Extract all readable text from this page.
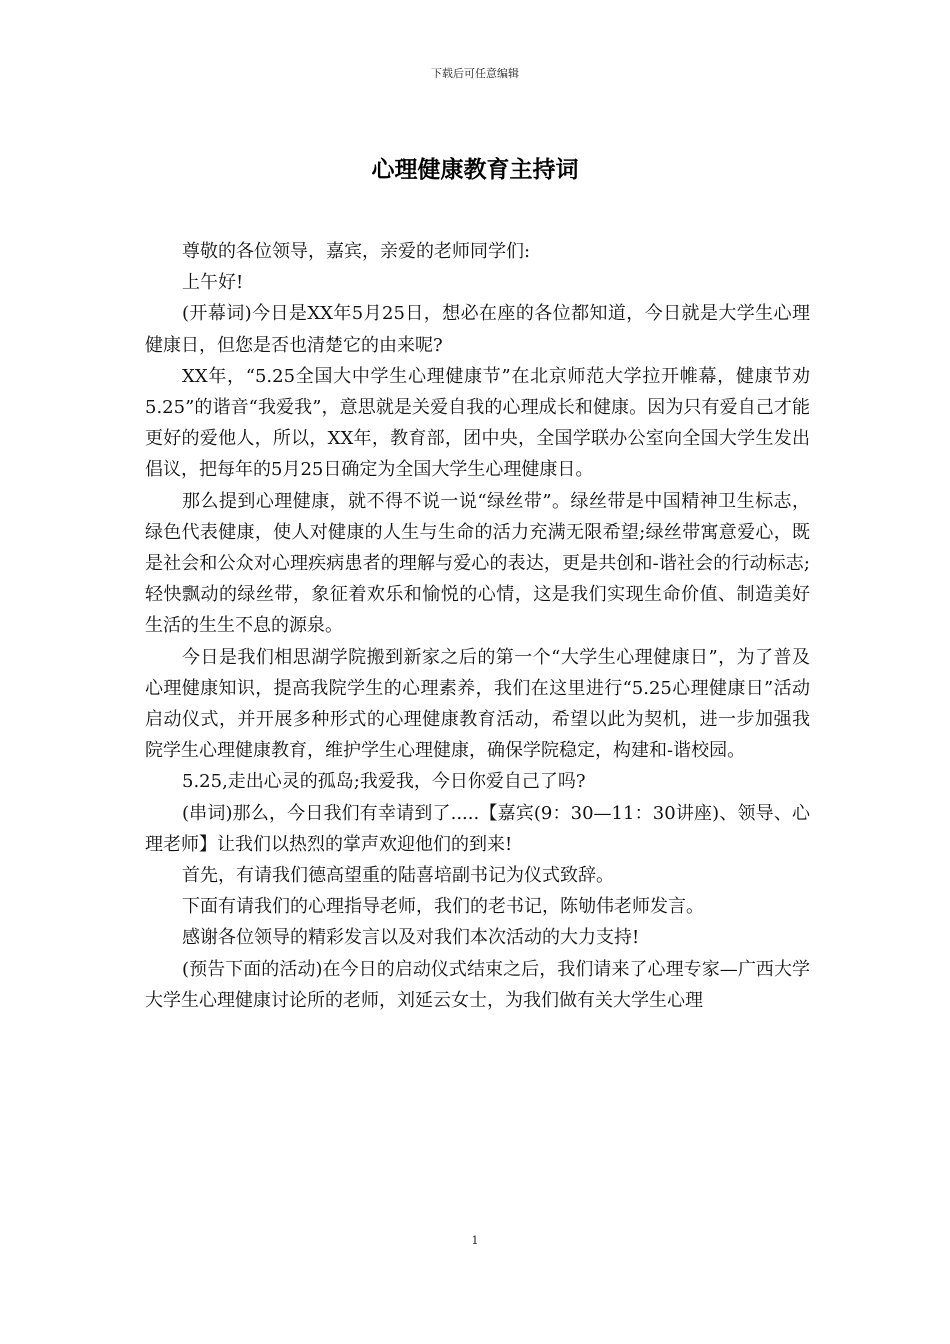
下载后可任意编辑
心理健康教育主持词

尊敬的各位领导，嘉宾，亲爱的老师同学们:

上午好!

(开幕词)今日是XX年5月25日，想必在座的各位都知道，今日就是大学生心理健康日，但您是否也清楚它的由来呢?

XX年，“5.25全国大中学生心理健康节”在北京师范大学拉开帷幕，健康节劝5.25”的谐音“我爱我”，意思就是关爱自我的心理成长和健康。因为只有爱自己才能更好的爱他人，所以，XX年，教育部，团中央，全国学联办公室向全国大学生发出倡议，把每年的5月25日确定为全国大学生心理健康日。

那么提到心理健康，就不得不说一说“绿丝带”。绿丝带是中国精神卫生标志，绿色代表健康，使人对健康的人生与生命的活力充满无限希望;绿丝带寓意爱心，既是社会和公众对心理疾病患者的理解与爱心的表达，更是共创和-谐社会的行动标志;轻快飘动的绿丝带，象征着欢乐和愉悦的心情，这是我们实现生命价值、制造美好生活的生生不息的源泉。

今日是我们相思湖学院搬到新家之后的第一个“大学生心理健康日”，为了普及心理健康知识，提高我院学生的心理素养，我们在这里进行“5.25心理健康日”活动启动仪式，并开展多种形式的心理健康教育活动，希望以此为契机，进一步加强我院学生心理健康教育，维护学生心理健康，确保学院稳定，构建和-谐校园。

5.25,走出心灵的孤岛;我爱我，今日你爱自己了吗?

(串词)那么，今日我们有幸请到了.....【嘉宾(9：30—11：30讲座)、领导、心理老师】让我们以热烈的掌声欢迎他们的到来!

首先，有请我们德高望重的陆喜培副书记为仪式致辞。

下面有请我们的心理指导老师，我们的老书记，陈劬伟老师发言。

感谢各位领导的精彩发言以及对我们本次活动的大力支持!

(预告下面的活动)在今日的启动仪式结束之后，我们请来了心理专家—广西大学大学生心理健康讨论所的老师，刘延云女士，为我们做有关大学生心理

1
